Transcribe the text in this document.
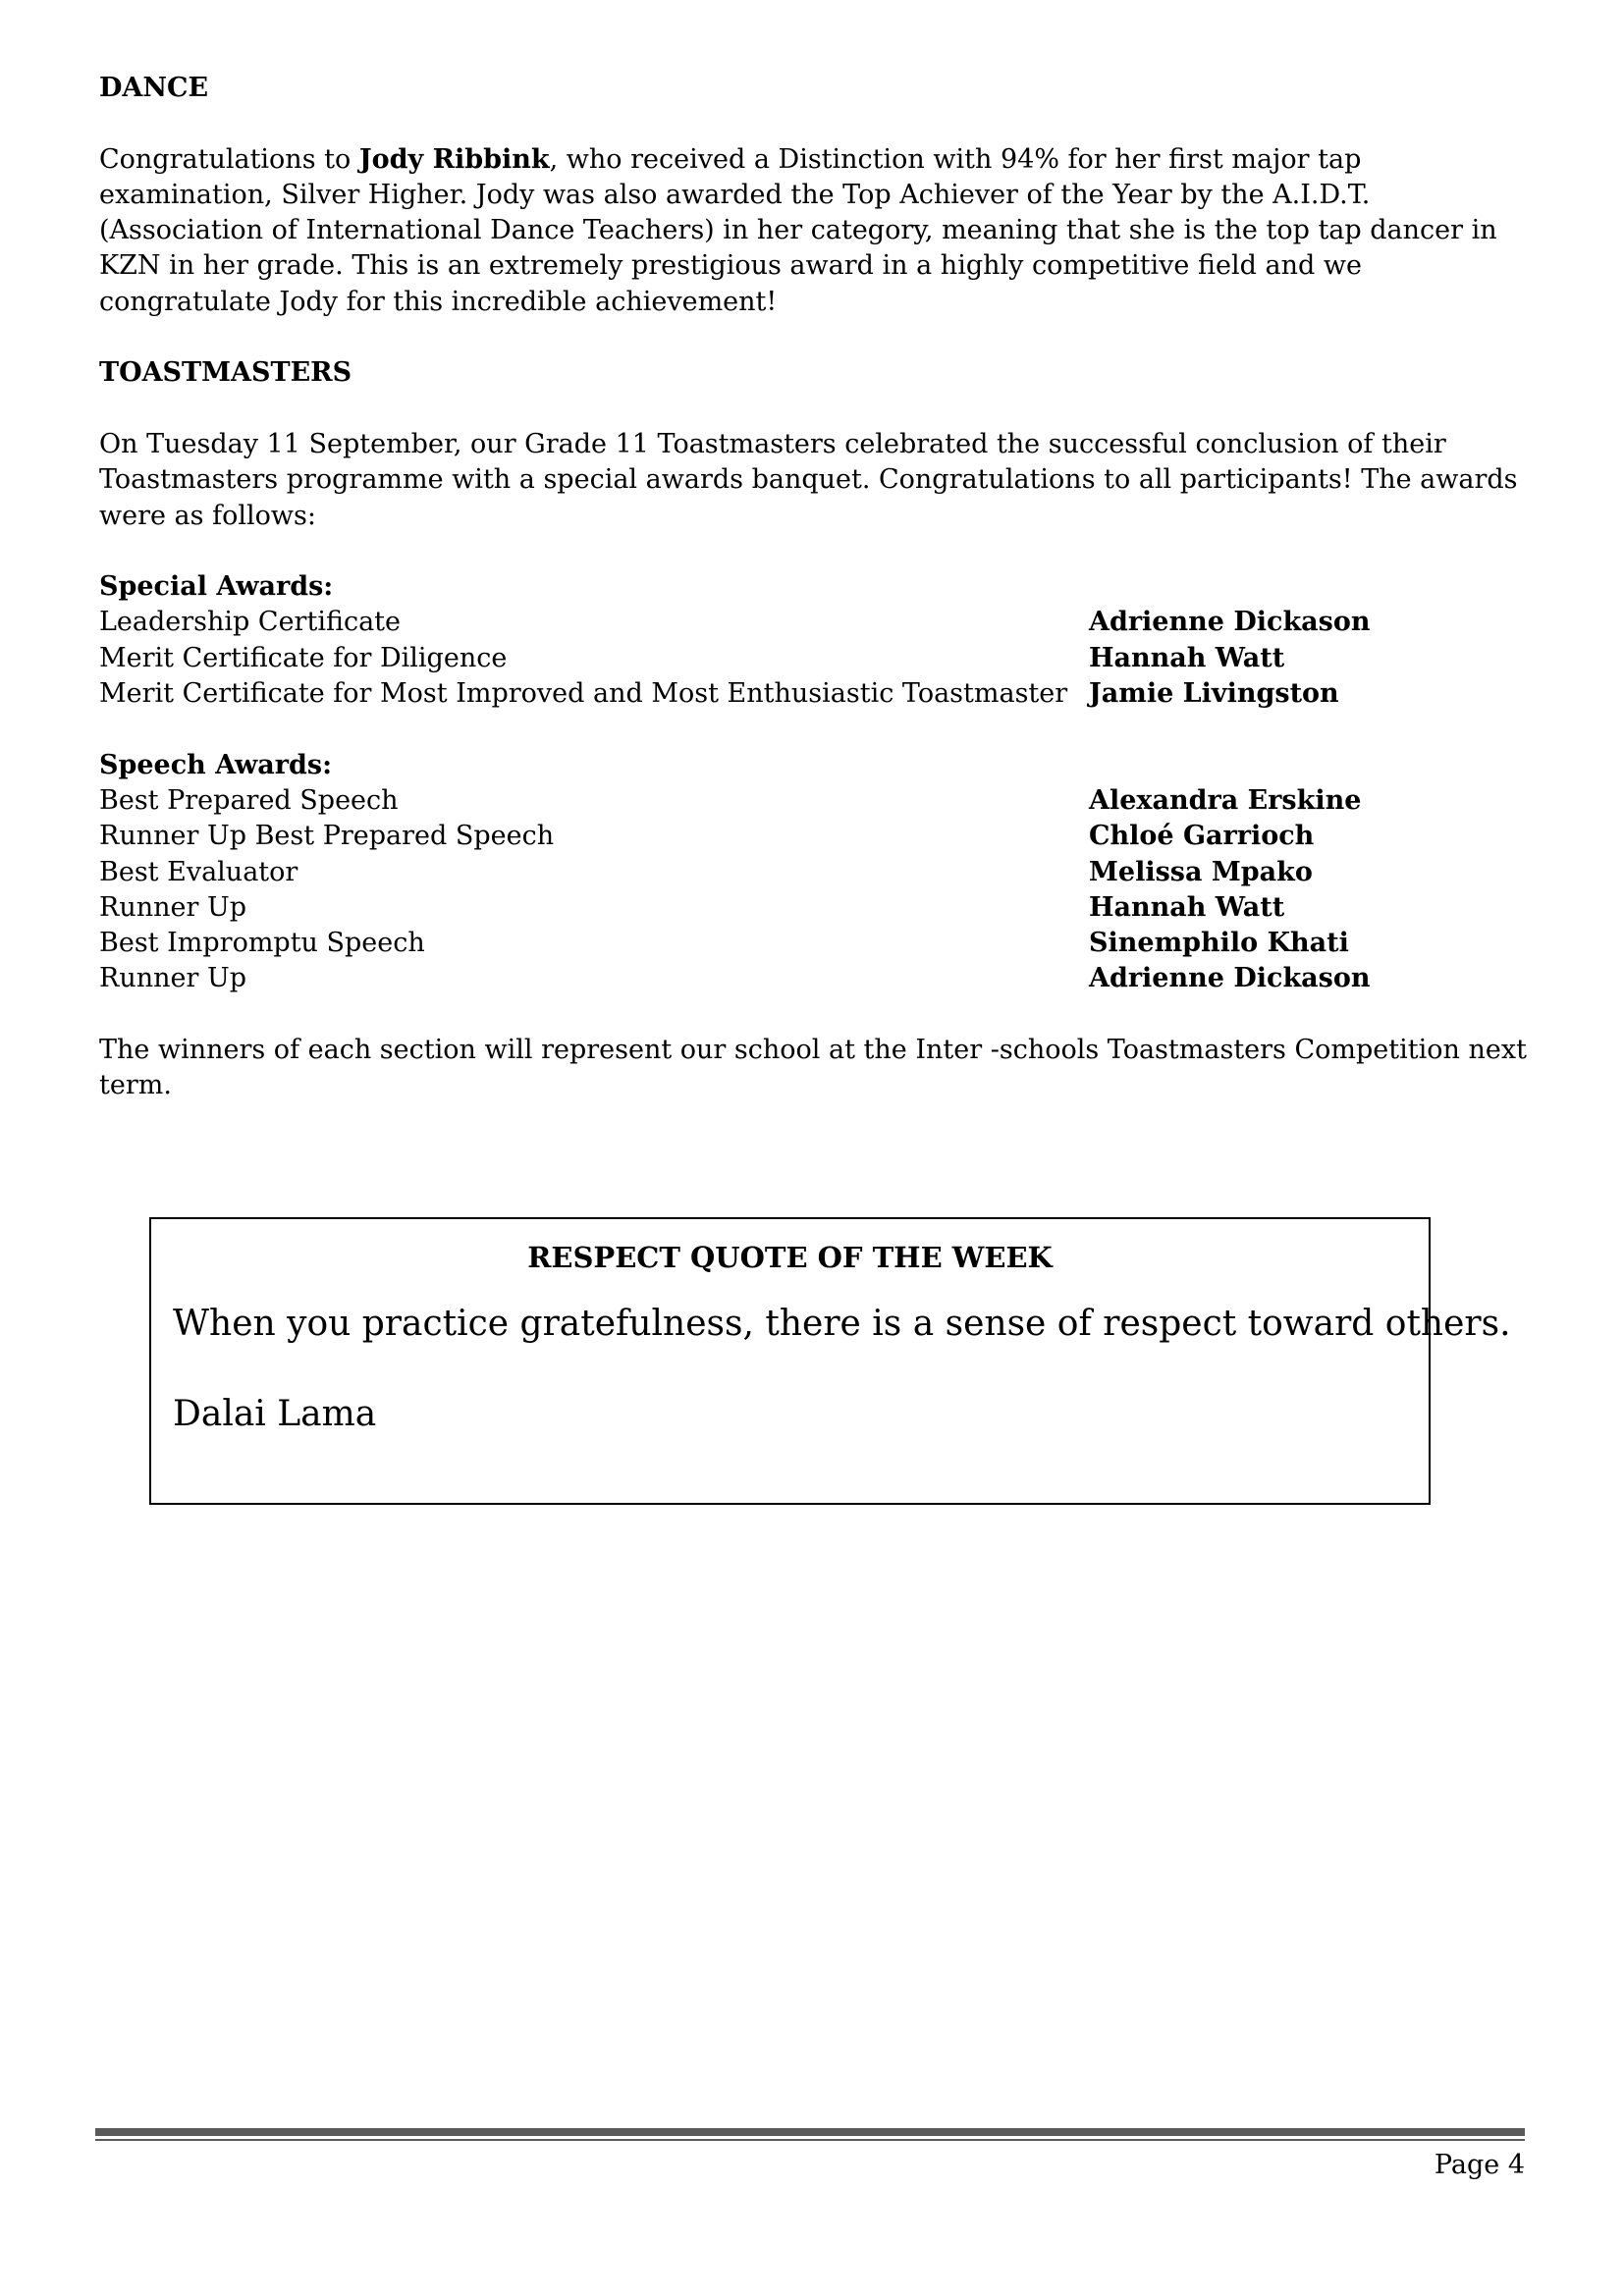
DANCE

Congratulations to Jody Ribbink, who received a Distinction with 94% for her first major tap examination, Silver Higher. Jody was also awarded the Top Achiever of the Year by the A.I.D.T. (Association of International Dance Teachers) in her category, meaning that she is the top tap dancer in KZN in her grade. This is an extremely prestigious award in a highly competitive field and we congratulate Jody for this incredible achievement!

TOASTMASTERS

On Tuesday 11 September, our Grade 11 Toastmasters celebrated the successful conclusion of their Toastmasters programme with a special awards banquet. Congratulations to all participants! The awards were as follows:

Special Awards:
Leadership Certificate	Adrienne Dickason
Merit Certificate for Diligence	Hannah Watt
Merit Certificate for Most Improved and Most Enthusiastic Toastmaster Jamie Livingston
Speech Awards:
Best Prepared Speech	Alexandra Erskine
Runner Up Best Prepared Speech	Chloé Garrioch
Best Evaluator	Melissa Mpako
Runner Up	Hannah Watt
Best Impromptu Speech	Sinemphilo Khati
Runner Up	Adrienne Dickason

The winners of each section will represent our school at the Inter -schools Toastmasters Competition next term.

RESPECT QUOTE OF THE WEEK
When you practice gratefulness, there is a sense of respect toward others.
Dalai Lama
Page 4
